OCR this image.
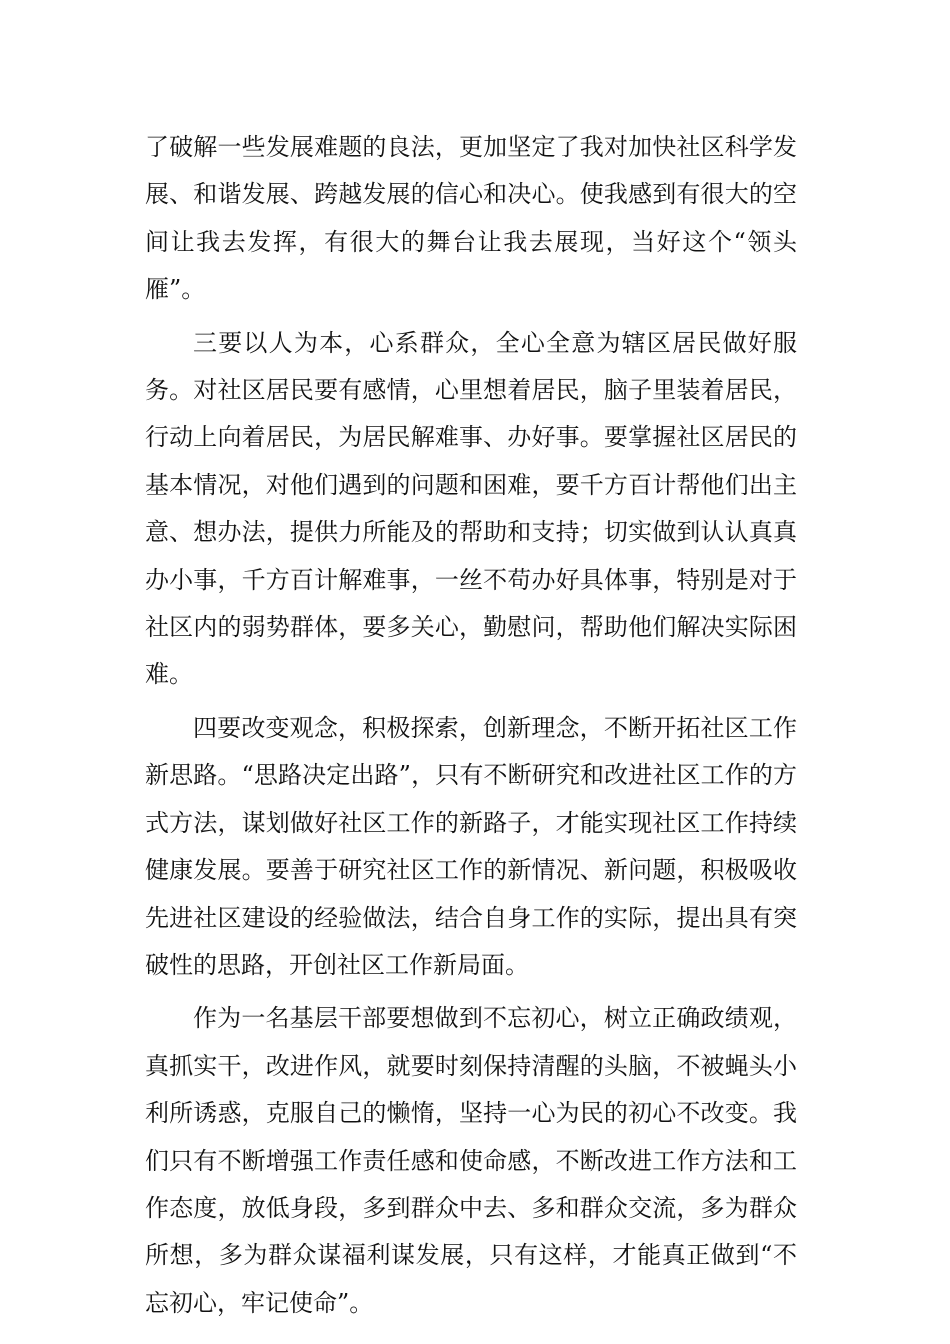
了破解一些发展难题的良法，更加坚定了我对加快社区科学发展、和谐发展、跨越发展的信心和决心。使我感到有很大的空间让我去发挥，有很大的舞台让我去展现，当好这个“领头雁”。

三要以人为本，心系群众，全心全意为辖区居民做好服务。对社区居民要有感情，心里想着居民，脑子里装着居民，行动上向着居民，为居民解难事、办好事。要掌握社区居民的基本情况，对他们遇到的问题和困难，要千方百计帮他们出主意、想办法，提供力所能及的帮助和支持；切实做到认认真真办小事，千方百计解难事，一丝不苟办好具体事，特别是对于社区内的弱势群体，要多关心，勤慰问，帮助他们解决实际困难。

四要改变观念，积极探索，创新理念，不断开拓社区工作新思路。“思路决定出路”，只有不断研究和改进社区工作的方式方法，谋划做好社区工作的新路子，才能实现社区工作持续健康发展。要善于研究社区工作的新情况、新问题，积极吸收先进社区建设的经验做法，结合自身工作的实际，提出具有突破性的思路，开创社区工作新局面。

作为一名基层干部要想做到不忘初心，树立正确政绩观，真抓实干，改进作风，就要时刻保持清醒的头脑，不被蝇头小利所诱惑，克服自己的懒惰，坚持一心为民的初心不改变。我们只有不断增强工作责任感和使命感，不断改进工作方法和工作态度，放低身段，多到群众中去、多和群众交流，多为群众所想，多为群众谋福利谋发展，只有这样，才能真正做到“不忘初心，牢记使命”。
